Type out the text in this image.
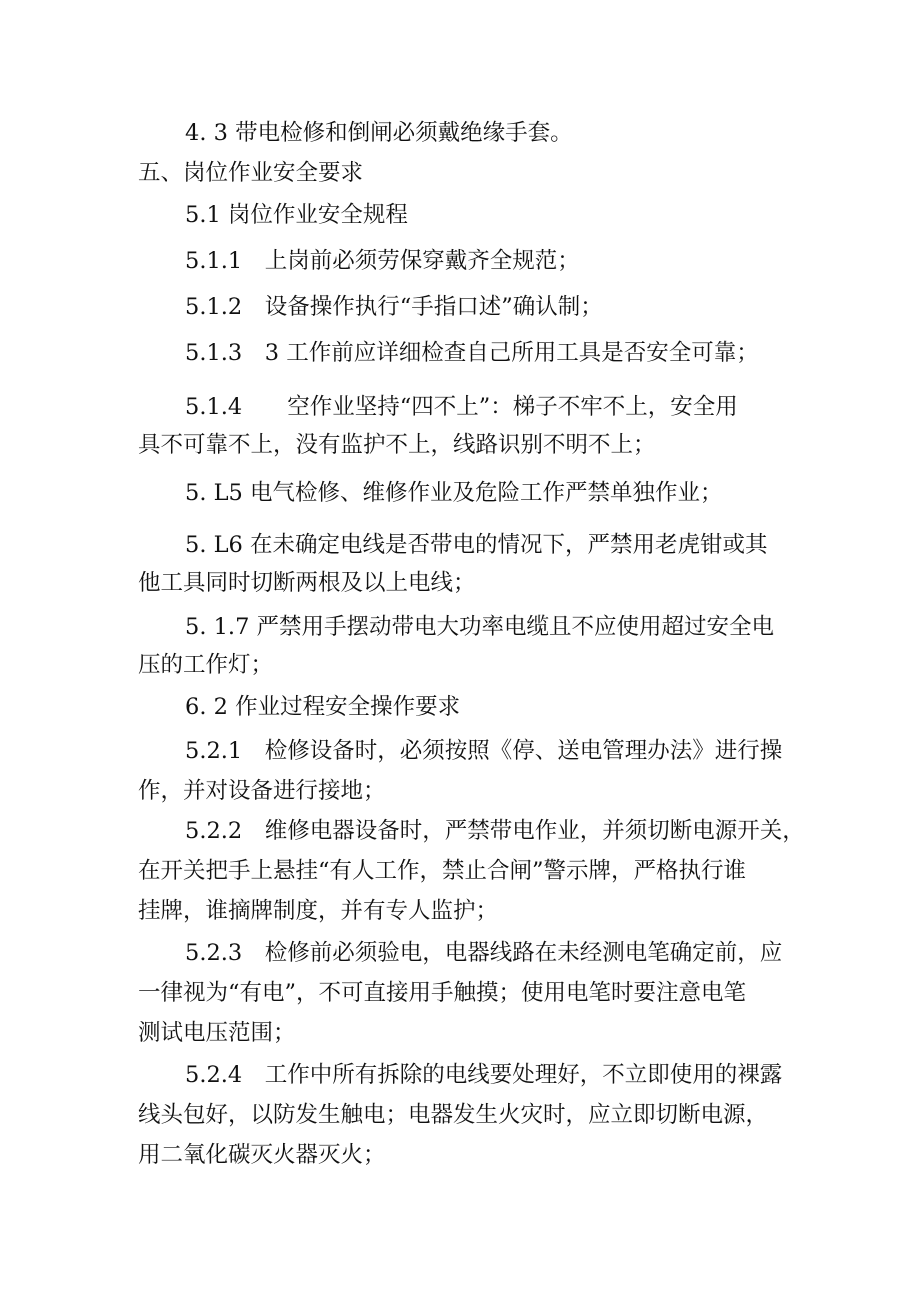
4. 3 带电检修和倒闸必须戴绝缘手套。

五、岗位作业安全要求

5.1 岗位作业安全规程

5.1.1　上岗前必须劳保穿戴齐全规范；

5.1.2　设备操作执行“手指口述”确认制；

5.1.3　3 工作前应详细检查自己所用工具是否安全可靠；

5.1.4　　空作业坚持“四不上”：梯子不牢不上，安全用

具不可靠不上，没有监护不上，线路识别不明不上；

5. L5 电气检修、维修作业及危险工作严禁单独作业；

5. L6 在未确定电线是否带电的情况下，严禁用老虎钳或其

他工具同时切断两根及以上电线；

5. 1.7 严禁用手摆动带电大功率电缆且不应使用超过安全电

压的工作灯；

6. 2 作业过程安全操作要求

5.2.1　检修设备时，必须按照《停、送电管理办法》进行操

作，并对设备进行接地；

5.2.2　维修电器设备时，严禁带电作业，并须切断电源开关，

在开关把手上悬挂“有人工作，禁止合闸”警示牌，严格执行谁

挂牌，谁摘牌制度，并有专人监护；

5.2.3　检修前必须验电，电器线路在未经测电笔确定前，应

一律视为“有电”，不可直接用手触摸；使用电笔时要注意电笔

测试电压范围；

5.2.4　工作中所有拆除的电线要处理好，不立即使用的裸露

线头包好，以防发生触电；电器发生火灾时，应立即切断电源，

用二氧化碳灭火器灭火；
